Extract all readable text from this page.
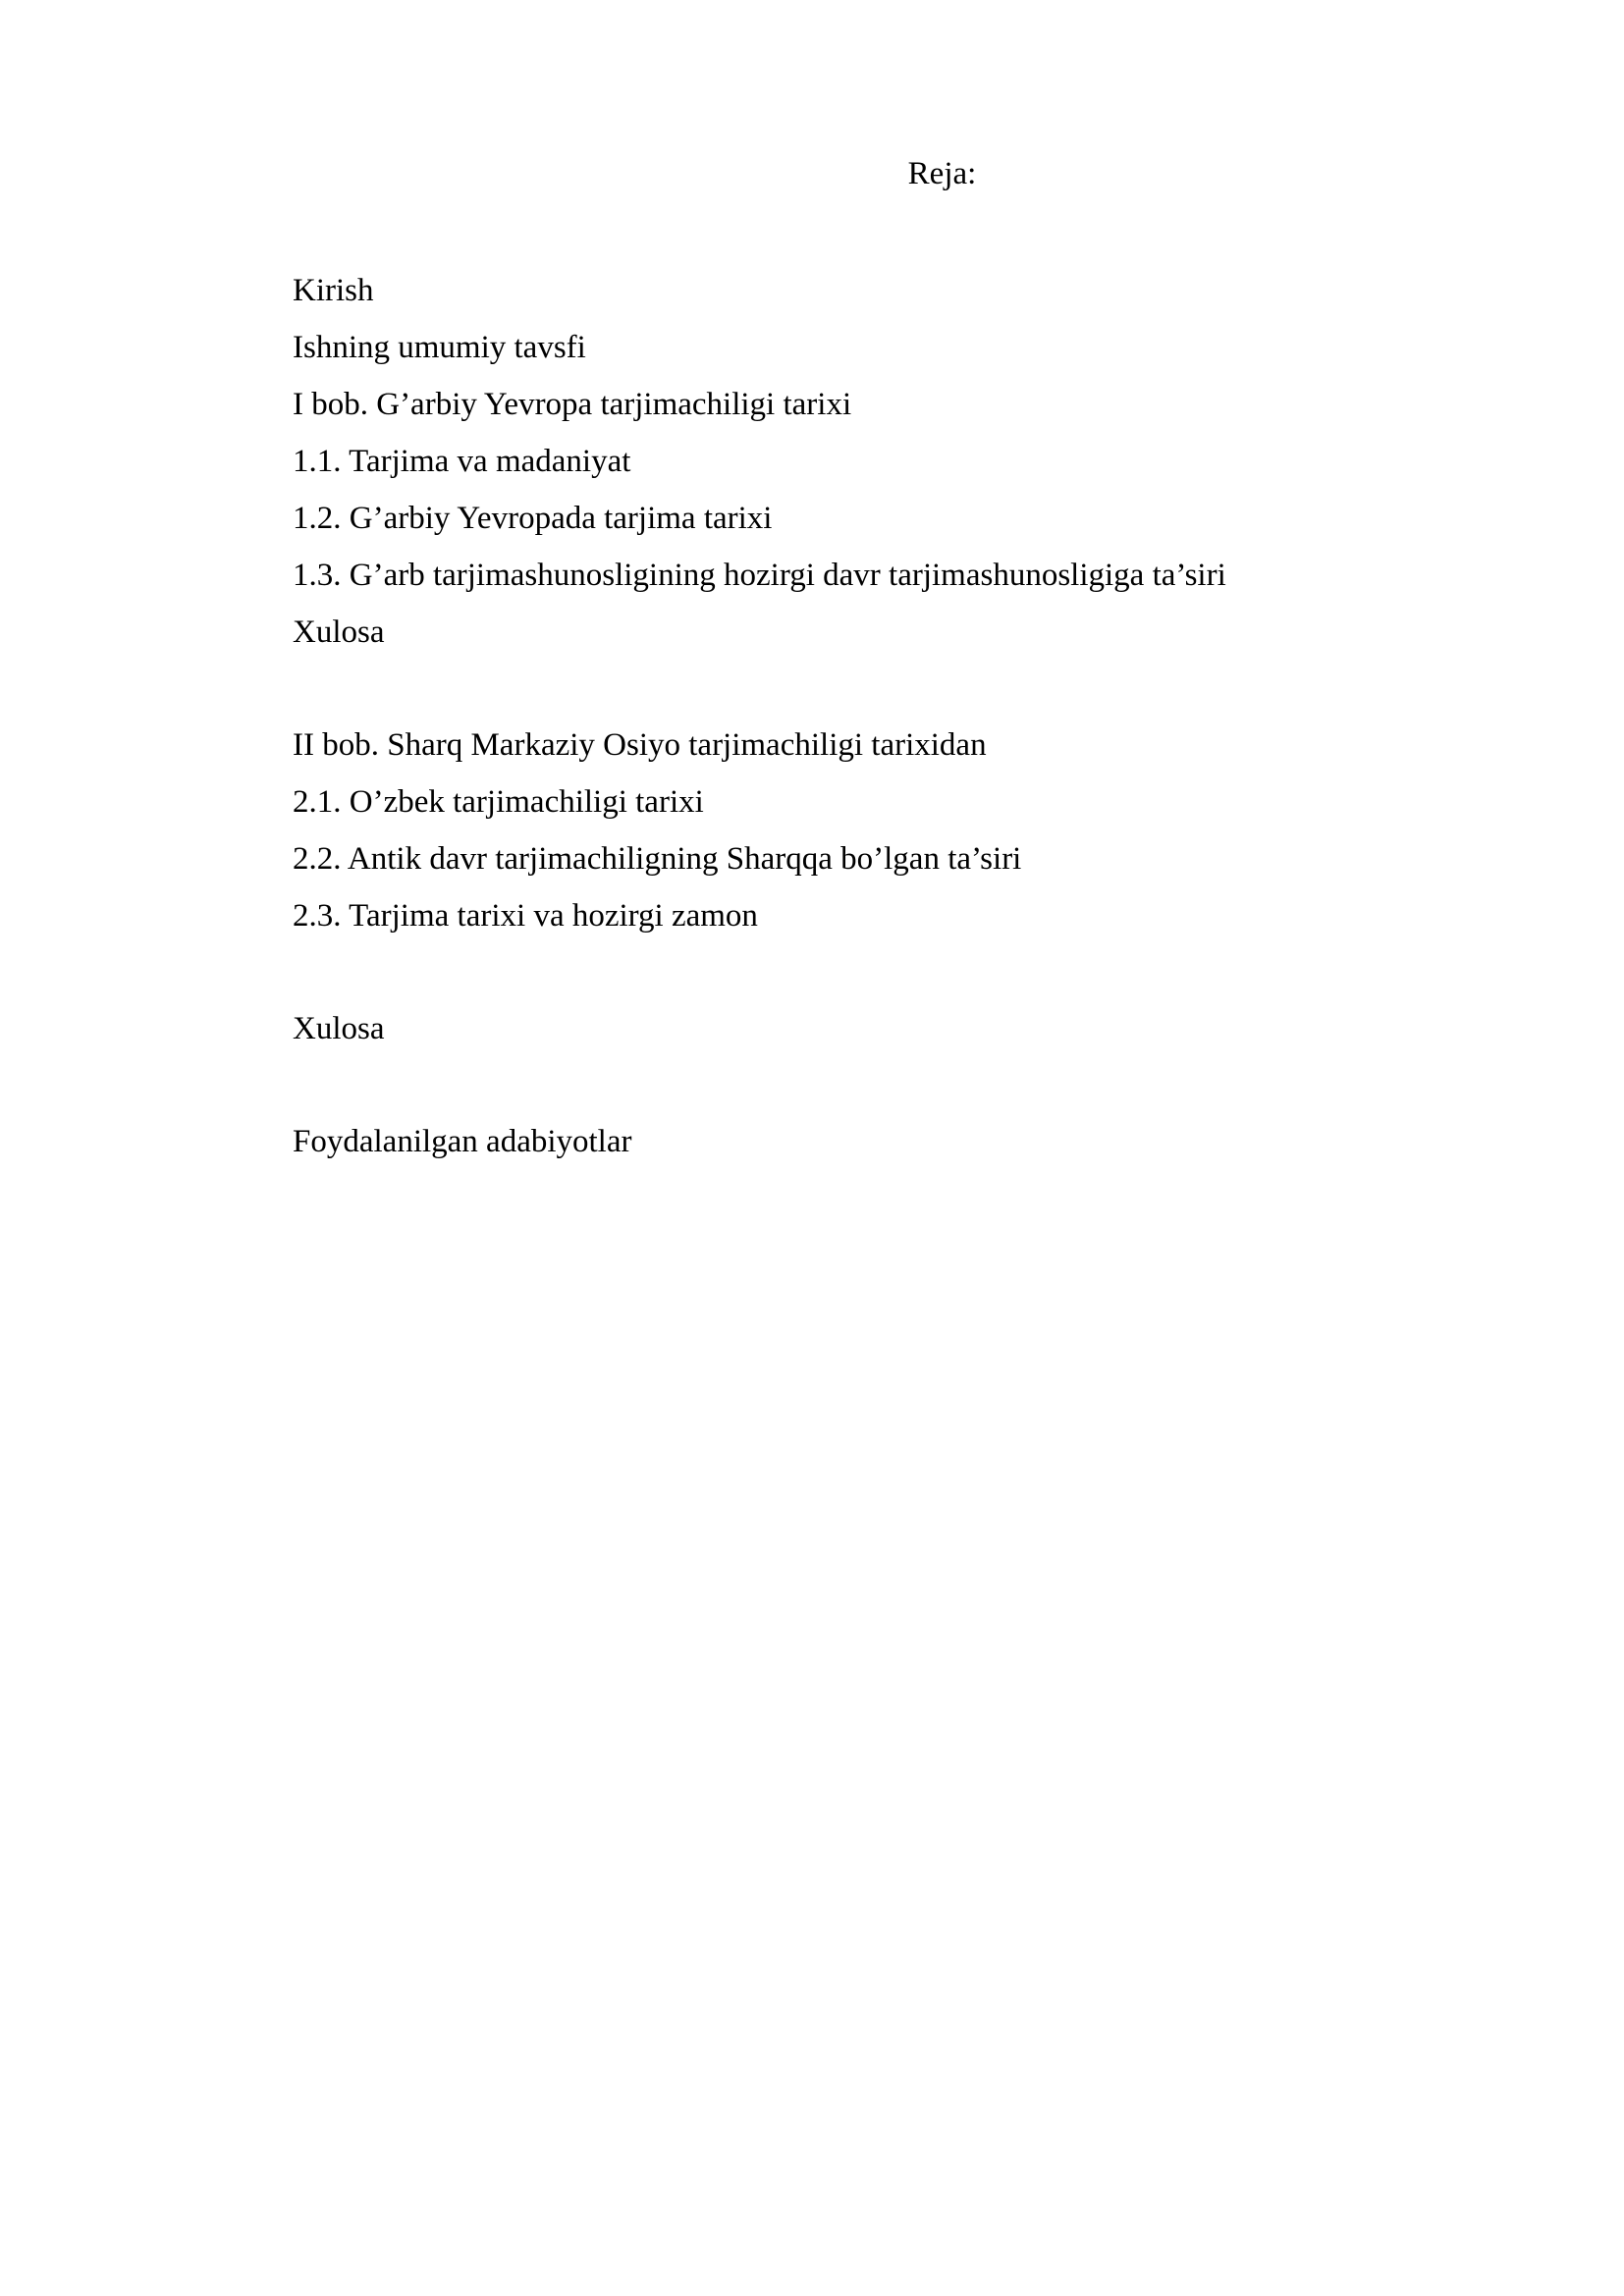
Reja:

Kirish

Ishning umumiy tavsfi

I bob. G’arbiy Yevropa tarjimachiligi tarixi

1.1. Tarjima va madaniyat

1.2. G’arbiy Yevropada tarjima tarixi

1.3. G’arb tarjimashunosligining hozirgi davr tarjimashunosligiga ta’siri

Xulosa

II bob. Sharq Markaziy Osiyo tarjimachiligi tarixidan

2.1. O’zbek tarjimachiligi tarixi

2.2. Antik davr tarjimachiligning Sharqqa bo’lgan ta’siri

2.3. Tarjima tarixi va hozirgi zamon

Xulosa

Foydalanilgan adabiyotlar
